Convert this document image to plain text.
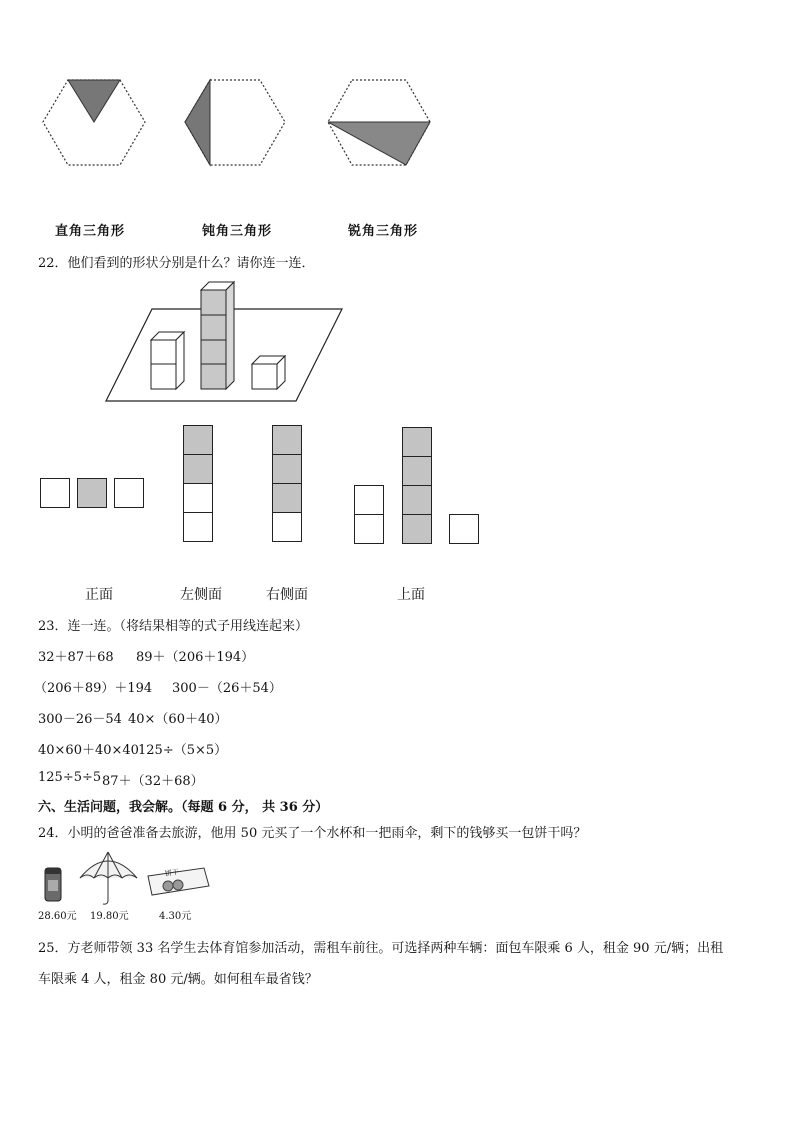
直角三角形	钝角三角形	锐角三角形
22．他们看到的形状分别是什么？请你连一连．
正面	左侧面	右侧面	上面
23．连一连。（将结果相等的式子用线连起来）
32＋87＋68 89＋（206＋194）
（206＋89）＋194 300－（26＋54）
300－26－54 40×（60＋40）
40×60＋40×40 125÷（5×5）
125÷5÷5 87＋（32＋68）
六、生活问题，我会解。（每题 6 分， 共 36 分）
24．小明的爸爸准备去旅游，他用 50 元买了一个水杯和一把雨伞，剩下的钱够买一包饼干吗？
饼干
28.60元 19.80元	4.30元
25．方老师带领 33 名学生去体育馆参加活动，需租车前往。可选择两种车辆：面包车限乘 6 人，租金 90 元/辆；出租
车限乘 4 人，租金 80 元/辆。如何租车最省钱？
